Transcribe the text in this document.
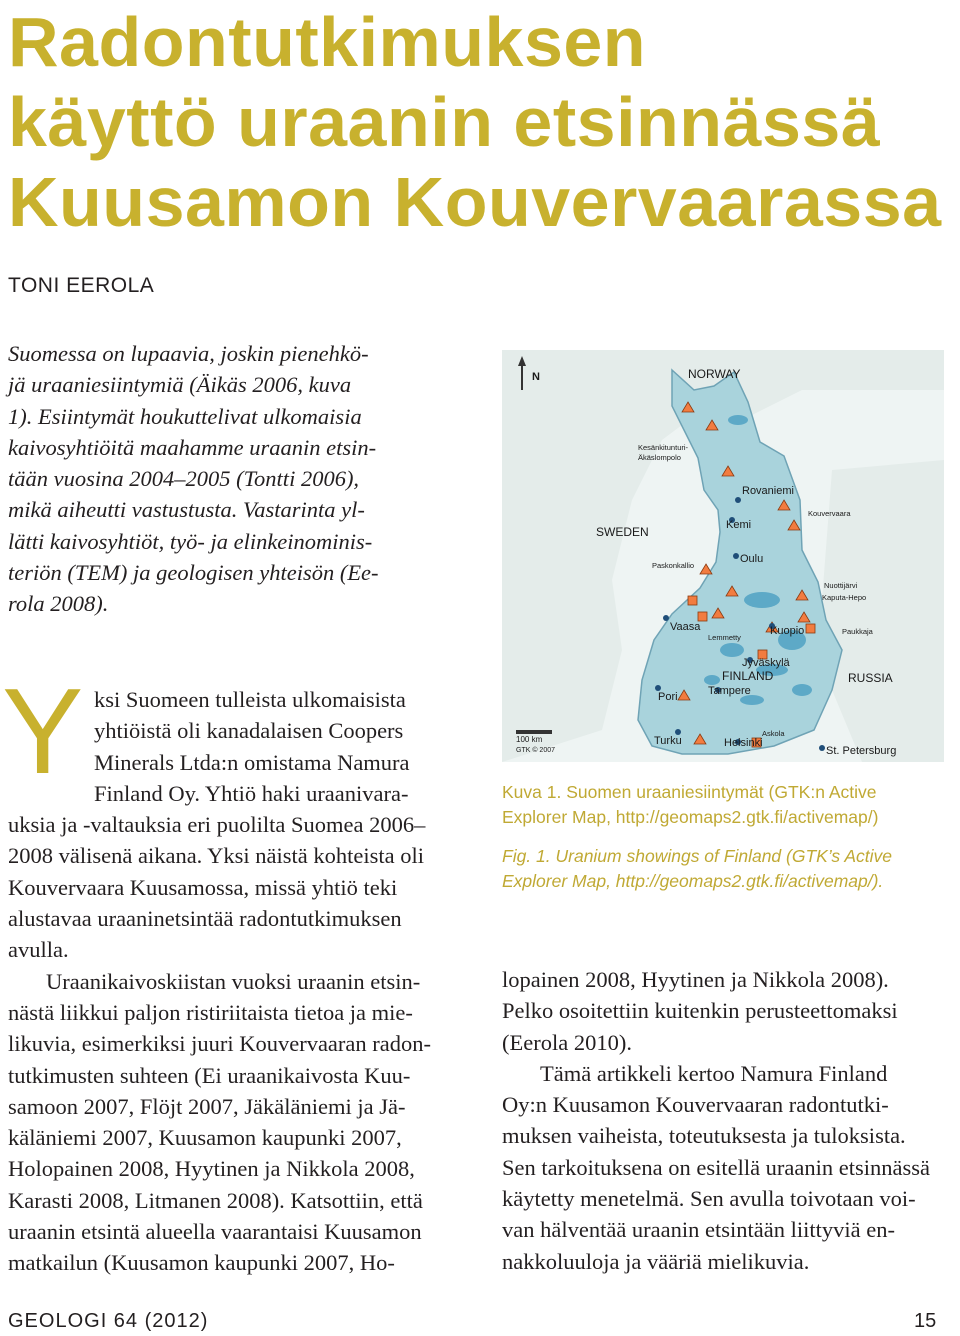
Radontutkimuksen
käyttö uraanin etsinnässä
Kuusamon Kouvervaarassa
TONI EEROLA
Suomessa on lupaavia, joskin pienehkö-
jä uraaniesiintymiä (Äikäs 2006, kuva
1). Esiintymät houkuttelivat ulkomaisia
kaivosyhtiöitä maahamme uraanin etsin-
tään vuosina 2004–2005 (Tontti 2006),
mikä aiheutti vastustusta. Vastarinta yl-
lätti kaivosyhtiöt, työ- ja elinkeinominis-
teriön (TEM) ja geologisen yhteisön (Ee-
rola 2008).
Y ksi Suomeen tulleista ulkomaisista
yhtiöistä oli kanadalaisen Coopers
Minerals Ltda:n omistama Namura
Finland Oy. Yhtiö haki uraanivara-
uksia ja -valtauksia eri puolilta Suomea 2006–
2008 välisenä aikana. Yksi näistä kohteista oli
Kouvervaara Kuusamossa, missä yhtiö teki
alustavaa uraaninetsintää radontutkimuksen
avulla.
Uraanikaivoskiistan vuoksi uraanin etsin-
nästä liikkui paljon ristiriitaista tietoa ja mie-
likuvia, esimerkiksi juuri Kouvervaaran radon-
tutkimusten suhteen (Ei uraanikaivosta Kuu-
samoon 2007, Flöjt 2007, Jäkäläniemi ja Jä-
käläniemi 2007, Kuusamon kaupunki 2007,
Holopainen 2008, Hyytinen ja Nikkola 2008,
Karasti 2008, Litmanen 2008). Katsottiin, että
uraanin etsintä alueella vaarantaisi Kuusamon
matkailun (Kuusamon kaupunki 2007, Ho-
N	NORWAY
SWEDEN
RUSSIA
FINLAND
Kesänkitunturi-
Äkäslompolo
Rovaniemi
Kouvervaara
Kemi
Oulu
Paskonkallio
Nuottijärvi
Kaputa-Hepo
Vaasa
Lemmetty
Kuopio	Paukkaja
Jyväskylä
Pori	Tampere
Turku	Helsinki
Askola
St. Petersburg
100 km
GTK © 2007
Kuva 1. Suomen uraaniesiintymät (GTK:n Active
Explorer Map, http://geomaps2.gtk.fi/activemap/)
Fig. 1. Uranium showings of Finland (GTK’s Active
Explorer Map, http://geomaps2.gtk.fi/activemap/).
lopainen 2008, Hyytinen ja Nikkola 2008).
Pelko osoitettiin kuitenkin perusteettomaksi
(Eerola 2010).
Tämä artikkeli kertoo Namura Finland
Oy:n Kuusamon Kouvervaaran radontutki-
muksen vaiheista, toteutuksesta ja tuloksista.
Sen tarkoituksena on esitellä uraanin etsinnässä
käytetty menetelmä. Sen avulla toivotaan voi-
van hälventää uraanin etsintään liittyviä en-
nakkoluuloja ja vääriä mielikuvia.
GEOLOGI 64 (2012)	15
